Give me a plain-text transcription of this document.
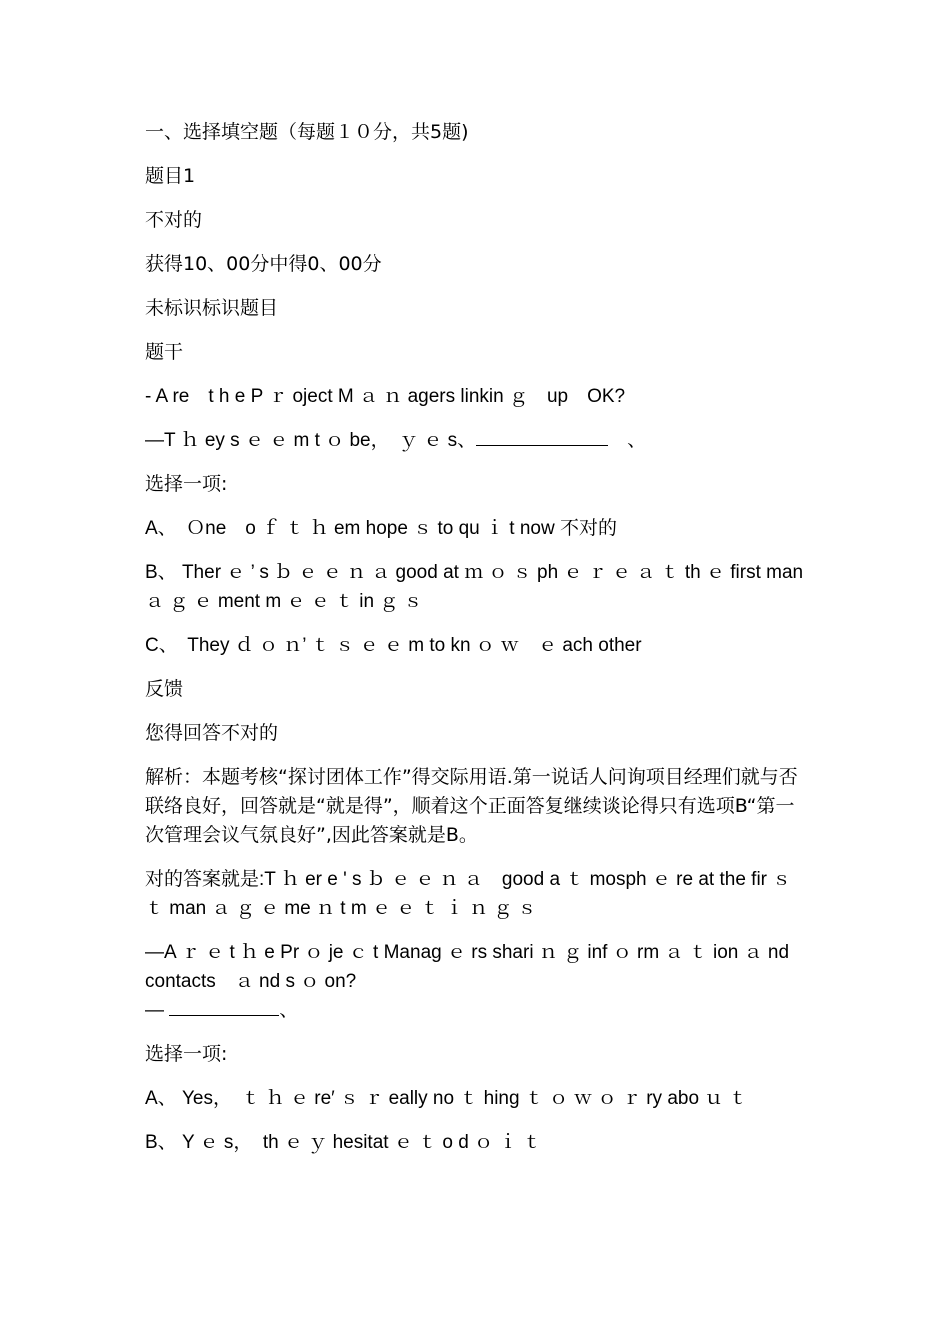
一、选择填空题（每题１０分，共5题)

题目1

不对的

获得10、00分中得0、00分

未标识标识题目

题干

- A re　t h e P ｒ oject M ａ ｎ agers linkin ｇ　up　OK?

—T ｈ ey s ｅ ｅ m t ｏ be，　ｙ ｅ s、	　、

选择一项:

A、　Ｏne　o ｆ ｔ ｈ em hope ｓ to qu ｉ t now 不对的

B、 Ther ｅ ’ s ｂ ｅ ｅ ｎ ａ good at ｍ ｏ ｓ ph ｅ ｒ ｅ ａ ｔ th ｅ first man ａ ｇ ｅ ment m ｅ ｅ ｔ in ｇ ｓ

C、　They ｄ ｏ ｎ’ ｔ ｓ ｅ ｅ m to kn ｏ ｗ　ｅ ach other

反馈

您得回答不对的

解析：本题考核“探讨团体工作”得交际用语.第一说话人问询项目经理们就与否联络良好，回答就是“就是得”，顺着这个正面答复继续谈论得只有选项B“第一次管理会议气氛良好”,因此答案就是B。

对的答案就是:T ｈ er e ' s ｂ ｅ ｅ ｎ ａ　good a ｔ mosph ｅ re at the fir ｓ ｔ man ａ ｇ ｅ me ｎ t m ｅ ｅ ｔ ｉ ｎ ｇ ｓ

—A ｒ ｅ t ｈ e Pr ｏ je ｃ t Manag ｅ rs shari ｎ ｇ inf ｏ rm ａ ｔ ion ａ nd contacts　ａ nd s ｏ on?

—	、

选择一项:

A、 Yes，　ｔ ｈ ｅ re′ ｓ ｒ eally no ｔ hing ｔ ｏ ｗ ｏ ｒ ry abo ｕ ｔ

B、 Y ｅ s，  th ｅ ｙ hesitat ｅ ｔ o d ｏ ｉ ｔ
